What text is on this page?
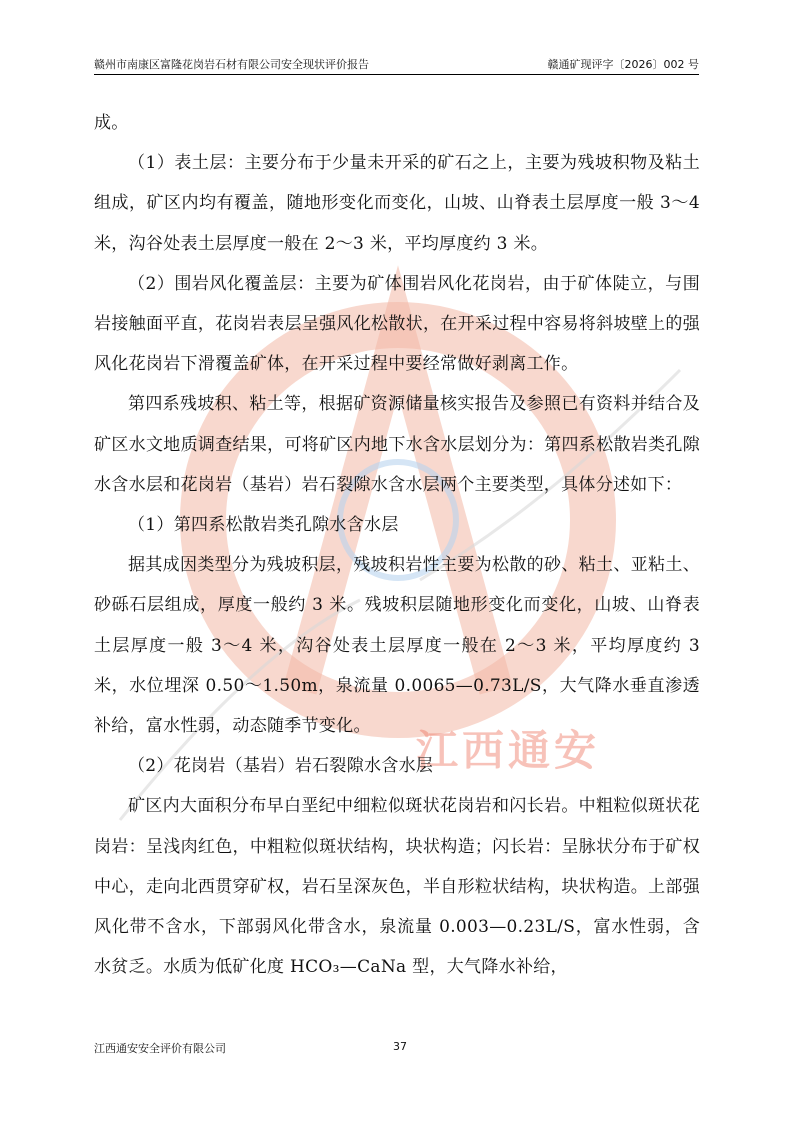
赣州市南康区富隆花岗岩石材有限公司安全现状评价报告	赣通矿现评字〔2026〕002 号
江西通安

成。

（1）表土层：主要分布于少量未开采的矿石之上，主要为残坡积物及粘土组成，矿区内均有覆盖，随地形变化而变化，山坡、山脊表土层厚度一般 3～4 米，沟谷处表土层厚度一般在 2～3 米，平均厚度约 3 米。

（2）围岩风化覆盖层：主要为矿体围岩风化花岗岩，由于矿体陡立，与围岩接触面平直，花岗岩表层呈强风化松散状，在开采过程中容易将斜坡壁上的强风化花岗岩下滑覆盖矿体，在开采过程中要经常做好剥离工作。

第四系残坡积、粘土等，根据矿资源储量核实报告及参照已有资料并结合及矿区水文地质调查结果，可将矿区内地下水含水层划分为：第四系松散岩类孔隙水含水层和花岗岩（基岩）岩石裂隙水含水层两个主要类型，具体分述如下：

（1）第四系松散岩类孔隙水含水层

据其成因类型分为残坡积层，残坡积岩性主要为松散的砂、粘土、亚粘土、砂砾石层组成，厚度一般约 3 米。残坡积层随地形变化而变化，山坡、山脊表土层厚度一般 3～4 米，沟谷处表土层厚度一般在 2～3 米，平均厚度约 3 米，水位埋深 0.50～1.50m，泉流量 0.0065—0.73L/S，大气降水垂直渗透补给，富水性弱，动态随季节变化。

（2）花岗岩（基岩）岩石裂隙水含水层

矿区内大面积分布早白垩纪中细粒似斑状花岗岩和闪长岩。中粗粒似斑状花岗岩：呈浅肉红色，中粗粒似斑状结构，块状构造；闪长岩：呈脉状分布于矿权中心，走向北西贯穿矿权，岩石呈深灰色，半自形粒状结构，块状构造。上部强风化带不含水，下部弱风化带含水，泉流量 0.003—0.23L/S，富水性弱，含水贫乏。水质为低矿化度 HCO₃—CaNa 型，大气降水补给，

江西通安安全评价有限公司	37
